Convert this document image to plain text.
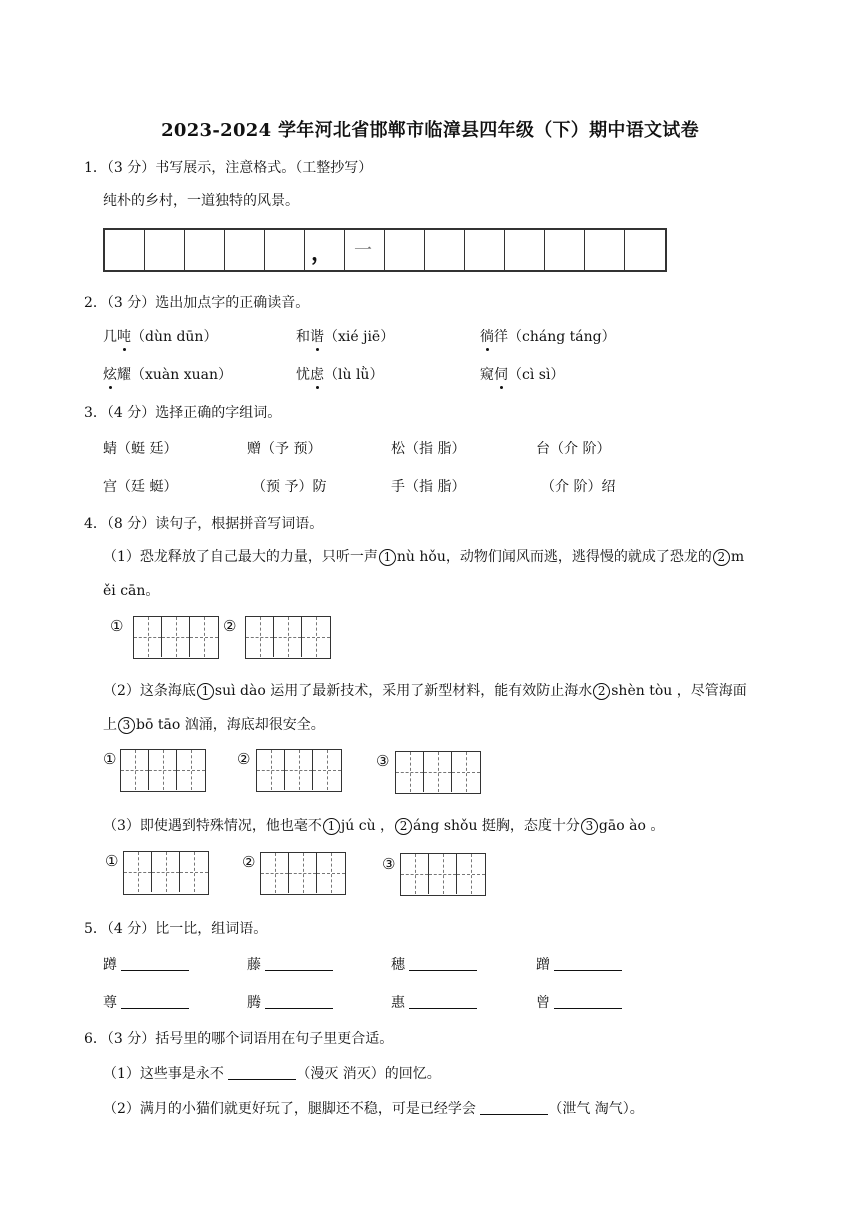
2023-2024 学年河北省邯郸市临漳县四年级（下）期中语文试卷
1．（3 分）书写展示，注意格式。（工整抄写）
纯朴的乡村，一道独特的风景。
， 一
2．（3 分）选出加点字的正确读音。
几吨（dùn dūn）	和谐（xié jiē）	徜徉（cháng táng）
炫耀（xuàn xuan）	忧虑（lù lǜ）	窥伺（cì sì）
3．（4 分）选择正确的字组词。
蜻（蜓 廷）	赠（予 预）	松（指 脂）	台（介 阶）
宫（廷 蜓）	（预 予）防	手（指 脂）	（介 阶）绍
4．（8 分）读句子，根据拼音写词语。
（1）恐龙释放了自己最大的力量，只听一声 1 nù hǒu，动物们闻风而逃，逃得慢的就成了恐龙的 2 m
ěi cān。
①	②
（2）这条海底 1 suì dào 运用了最新技术，采用了新型材料，能有效防止海水 2 shèn tòu ，尽管海面
上 3 bō tāo 汹涌，海底却很安全。
①	②	③
（3）即使遇到特殊情况，他也毫不 1 jú cù ， 2 áng shǒu 挺胸，态度十分 3 gāo ào 。
①	②	③
5．（4 分）比一比，组词语。
蹲	藤	穗	蹭
尊	腾	惠	曾
6．（3 分）括号里的哪个词语用在句子里更合适。
（1）这些事是永不	（漫灭 消灭）的回忆。
（2）满月的小猫们就更好玩了，腿脚还不稳，可是已经学会	（泄气 淘气）。
